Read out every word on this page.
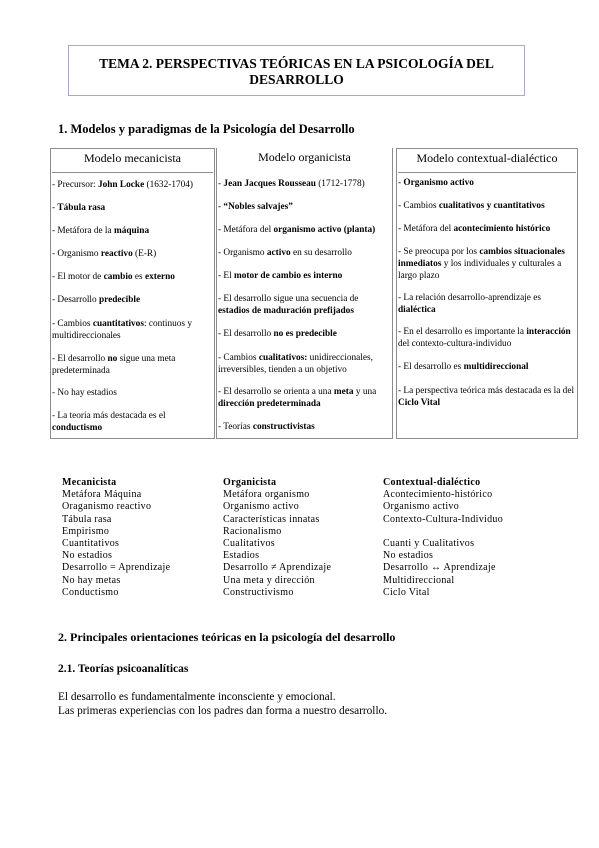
TEMA 2. PERSPECTIVAS TEÓRICAS EN LA PSICOLOGÍA DEL
DESARROLLO
1. Modelos y paradigmas de la Psicología del Desarrollo
Modelo mecanicista
- Precursor: John Locke (1632-1704)
- Tábula rasa
- Metáfora de la máquina
- Organismo reactivo (E-R)
- El motor de cambio es externo
- Desarrollo predecible
- Cambios cuantitativos: continuos y multidireccionales
- El desarrollo no sigue una meta predeterminada
- No hay estadios
- La teoría más destacada es el conductismo
Modelo organicista
- Jean Jacques Rousseau (1712-1778)
- “Nobles salvajes”
- Metáfora del organismo activo (planta)
- Organismo activo en su desarrollo
- El motor de cambio es interno
- El desarrollo sigue una secuencia de estadios de maduración prefijados
- El desarrollo no es predecible
- Cambios cualitativos: unidireccionales, irreversibles, tienden a un objetivo
- El desarrollo se orienta a una meta y una dirección predeterminada
- Teorías constructivistas
Modelo contextual-dialéctico
- Organismo activo
- Cambios cualitativos y cuantitativos
- Metáfora del acontecimiento histórico
- Se preocupa por los cambios situacionales inmediatos y los individuales y culturales a largo plazo
- La relación desarrollo-aprendizaje es dialéctica
- En el desarrollo es importante la interacción del contexto-cultura-individuo
- El desarrollo es multidireccional
- La perspectiva teórica más destacada es la del Ciclo Vital
Mecanicista
Metáfora Máquina
Oraganismo reactivo
Tábula rasa
Empirismo
Cuantitativos
No estadios
Desarrollo = Aprendizaje
No hay metas
Conductismo
Organicista
Metáfora organismo
Organismo activo
Características innatas
Racionalismo
Cualitativos
Estadios
Desarrollo ≠ Aprendizaje
Una meta y dirección
Constructivismo
Contextual-dialéctico
Acontecimiento-histórico
Organismo activo
Contexto-Cultura-Individuo

Cuanti y Cualitativos
No estadios
Desarrollo ↔ Aprendizaje
Multidireccional
Ciclo Vital
2. Principales orientaciones teóricas en la psicología del desarrollo
2.1. Teorías psicoanalíticas
El desarrollo es fundamentalmente inconsciente y emocional.
Las primeras experiencias con los padres dan forma a nuestro desarrollo.
